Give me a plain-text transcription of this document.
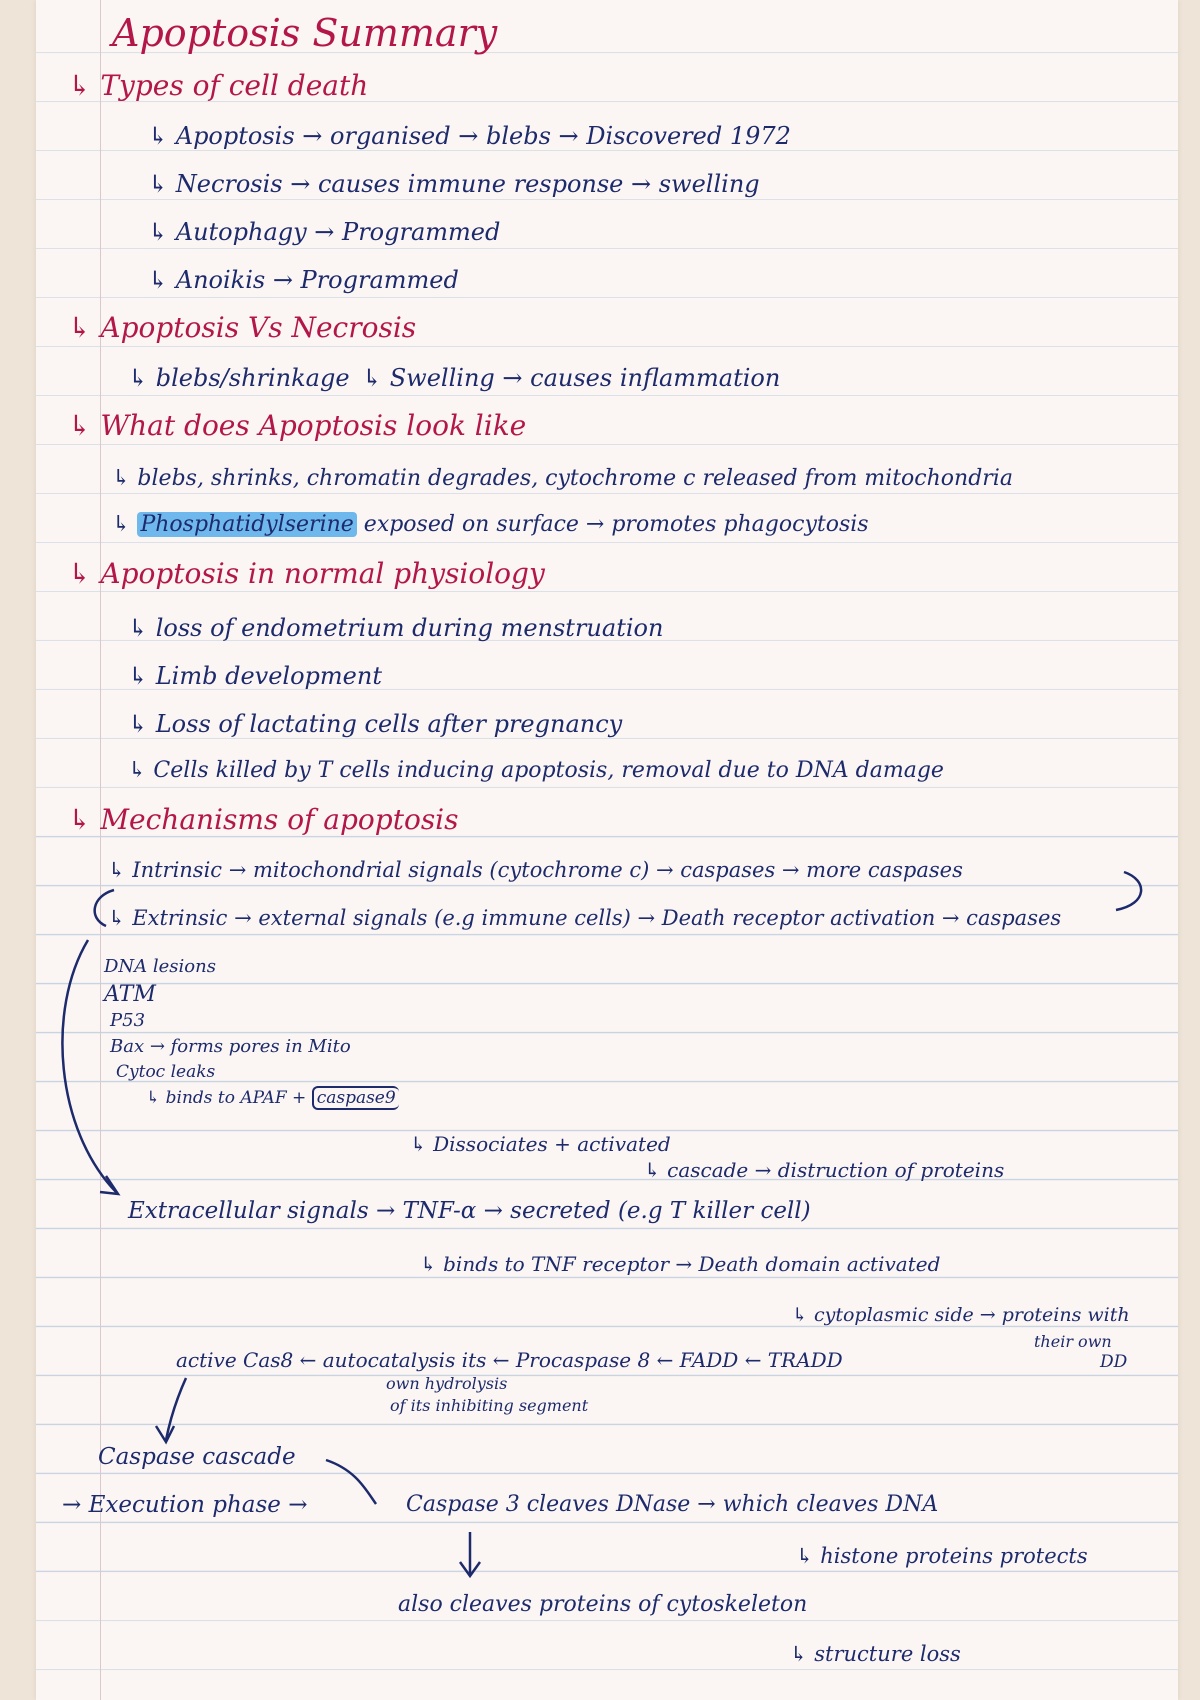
Apoptosis Summary
↳ Types of cell death
↳ Apoptosis → organised → blebs → Discovered 1972
↳ Necrosis → causes immune response → swelling
↳ Autophagy → Programmed
↳ Anoikis → Programmed
↳ Apoptosis Vs Necrosis
↳ blebs/shrinkage ↳ Swelling → causes inflammation
↳ What does Apoptosis look like
↳ blebs, shrinks, chromatin degrades, cytochrome c released from mitochondria
↳ Phosphatidylserine exposed on surface → promotes phagocytosis
↳ Apoptosis in normal physiology
↳ loss of endometrium during menstruation
↳ Limb development
↳ Loss of lactating cells after pregnancy
↳ Cells killed by T cells inducing apoptosis, removal due to DNA damage
↳ Mechanisms of apoptosis
↳ Intrinsic → mitochondrial signals (cytochrome c) → caspases → more caspases
↳ Extrinsic → external signals (e.g immune cells) → Death receptor activation → caspases
DNA lesions
ATM
P53
Bax → forms pores in Mito
Cytoc leaks
↳ binds to APAF + caspase9
↳ Dissociates + activated
↳ cascade → distruction of proteins
Extracellular signals → TNF-α → secreted (e.g T killer cell)
↳ binds to TNF receptor → Death domain activated
↳ cytoplasmic side → proteins with
their own
DD
active Cas8 ← autocatalysis its ← Procaspase 8 ← FADD ← TRADD
own hydrolysis
of its inhibiting segment
Caspase cascade
→ Execution phase →	Caspase 3 cleaves DNase → which cleaves DNA
↳ histone proteins protects
also cleaves proteins of cytoskeleton
↳ structure loss
